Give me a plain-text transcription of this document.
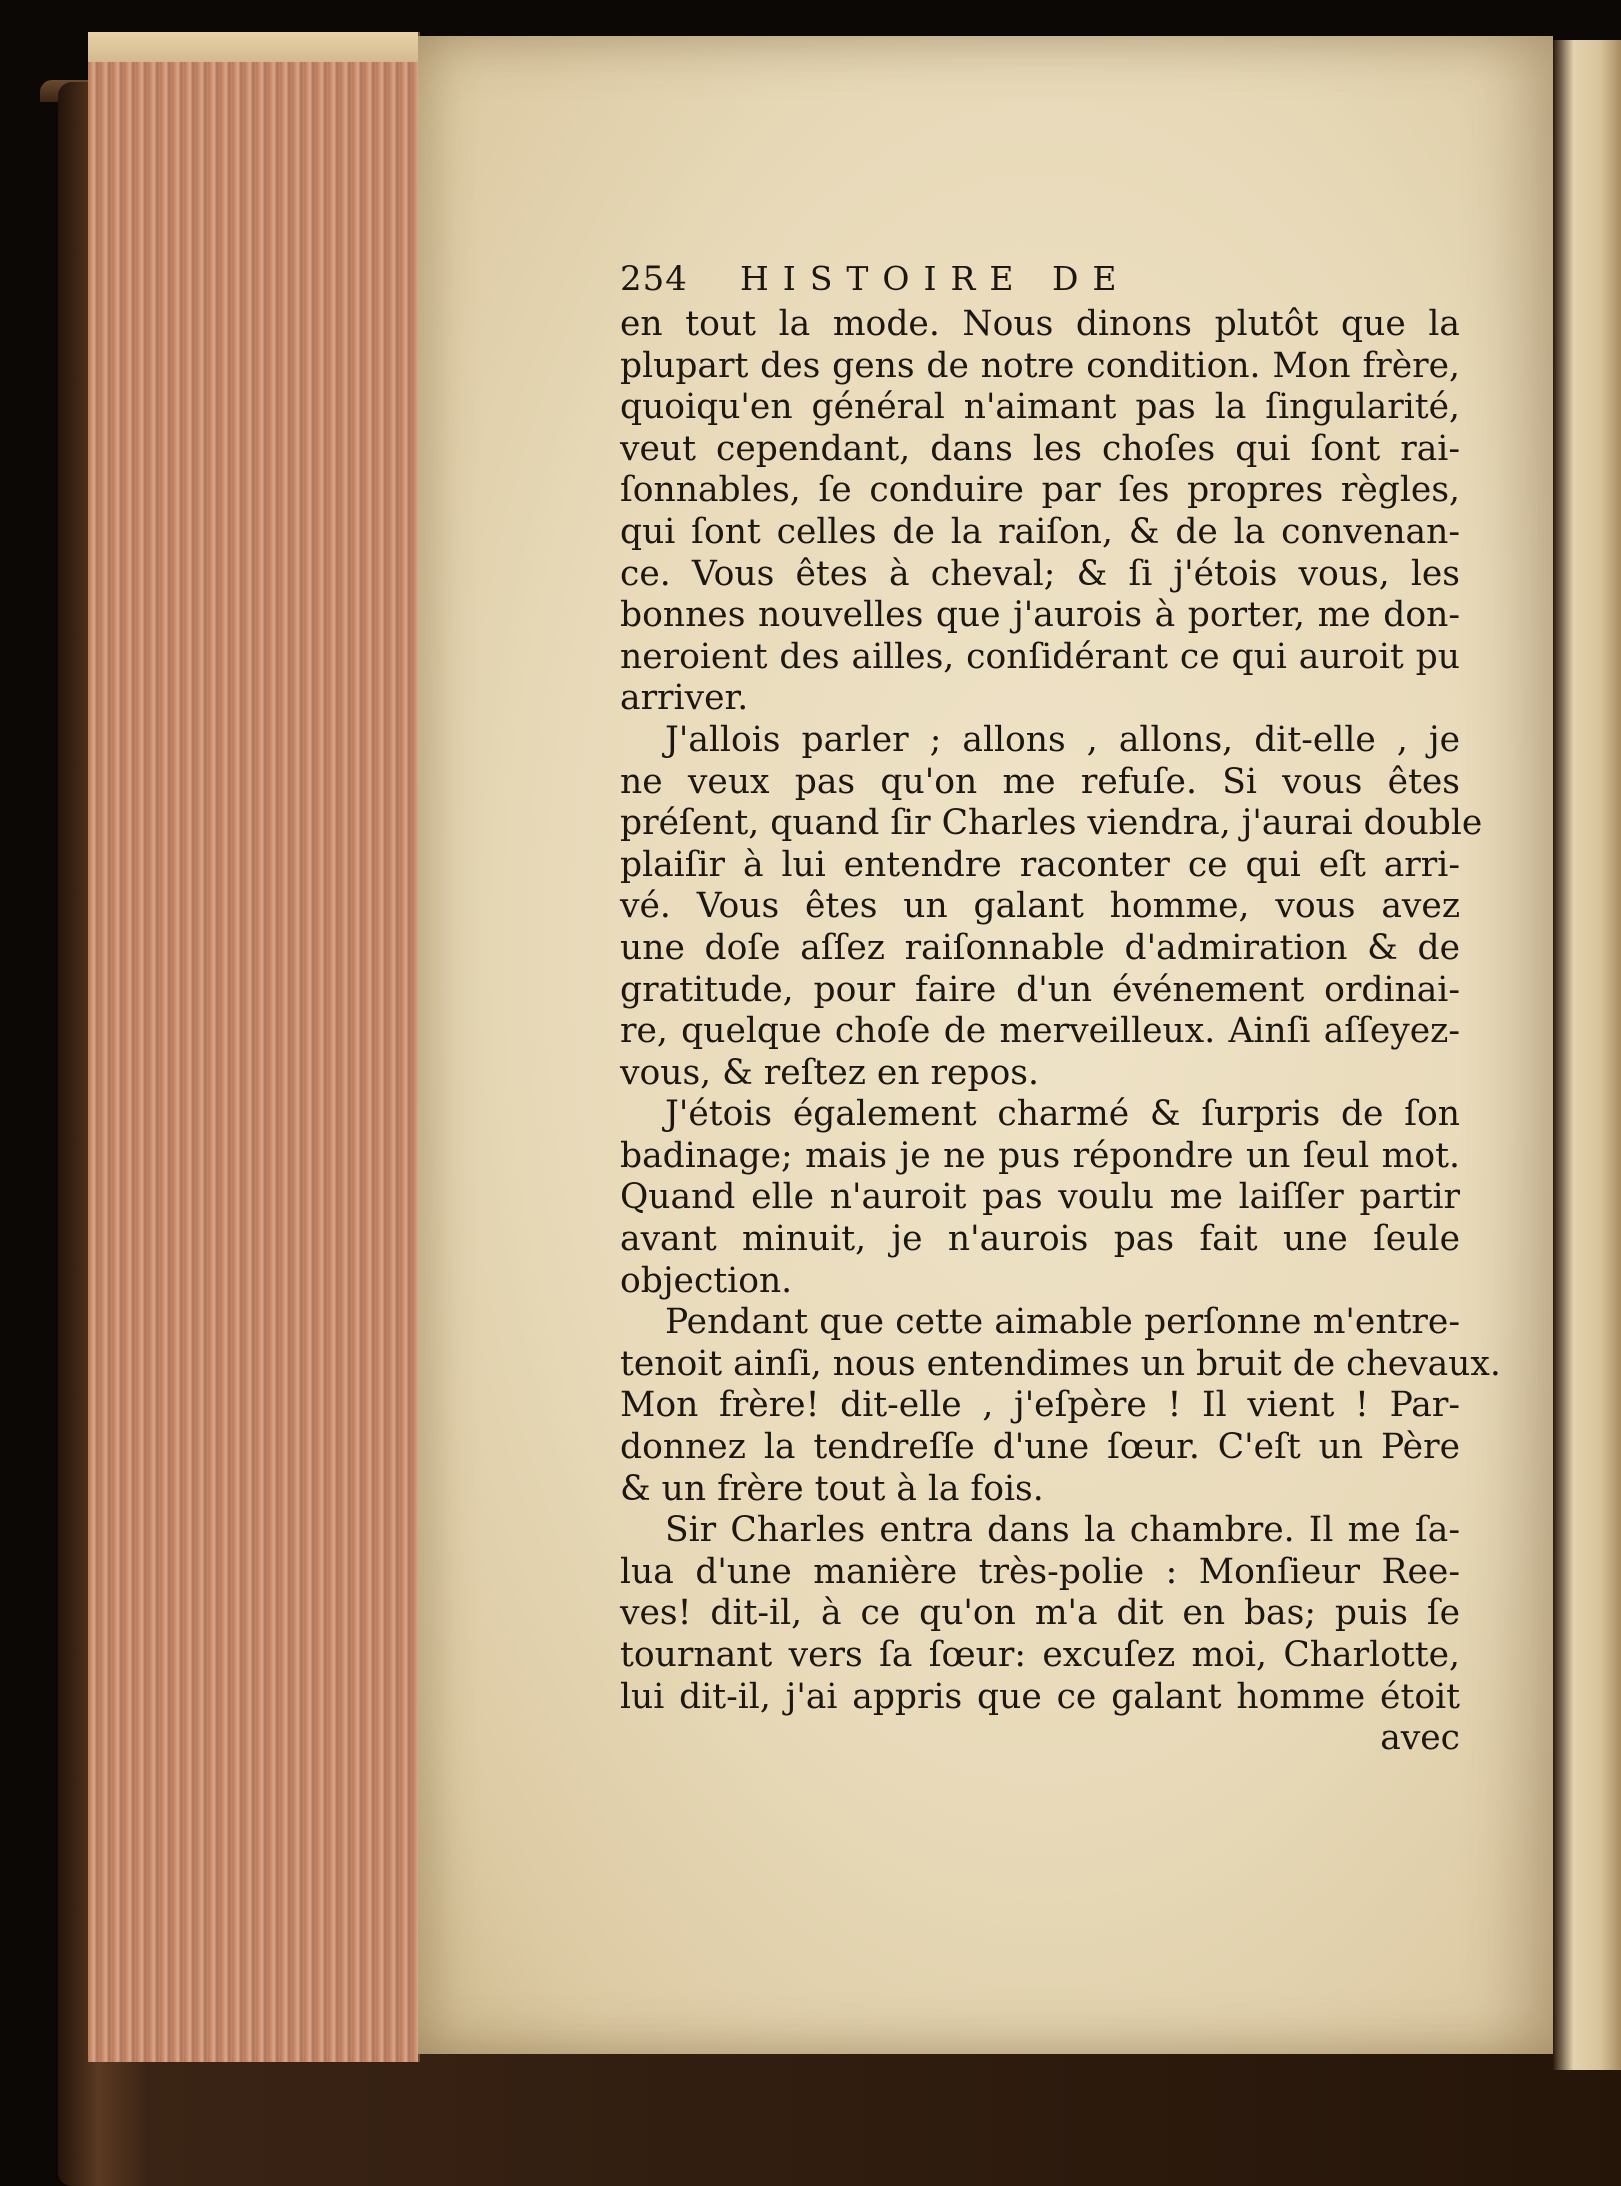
254	HISTOIRE DE
en tout la mode. Nous dinons plutôt que la
plupart des gens de notre condition. Mon frère,
quoiqu'en général n'aimant pas la ſingularité,
veut cependant, dans les choſes qui ſont rai-
ſonnables, ſe conduire par ſes propres règles,
qui ſont celles de la raiſon, & de la convenan-
ce. Vous êtes à cheval; & ſi j'étois vous, les
bonnes nouvelles que j'aurois à porter, me don-
neroient des ailles, conſidérant ce qui auroit pu
arriver.
J'allois parler ; allons , allons, dit-elle , je
ne veux pas qu'on me refuſe. Si vous êtes
préſent, quand ſir Charles viendra, j'aurai double
plaiſir à lui entendre raconter ce qui eſt arri-
vé. Vous êtes un galant homme, vous avez
une doſe aſſez raiſonnable d'admiration & de
gratitude, pour faire d'un événement ordinai-
re, quelque choſe de merveilleux. Ainſi aſſeyez-
vous, & reſtez en repos.
J'étois également charmé & ſurpris de ſon
badinage; mais je ne pus répondre un ſeul mot.
Quand elle n'auroit pas voulu me laiſſer partir
avant minuit, je n'aurois pas fait une ſeule
objection.
Pendant que cette aimable perſonne m'entre-
tenoit ainſi, nous entendimes un bruit de chevaux.
Mon frère! dit-elle , j'eſpère ! Il vient ! Par-
donnez la tendreſſe d'une ſœur. C'eſt un Père
& un frère tout à la fois.
Sir Charles entra dans la chambre. Il me ſa-
lua d'une manière très-polie : Monſieur Ree-
ves! dit-il, à ce qu'on m'a dit en bas; puis ſe
tournant vers ſa ſœur: excuſez moi, Charlotte,
lui dit-il, j'ai appris que ce galant homme étoit
avec
